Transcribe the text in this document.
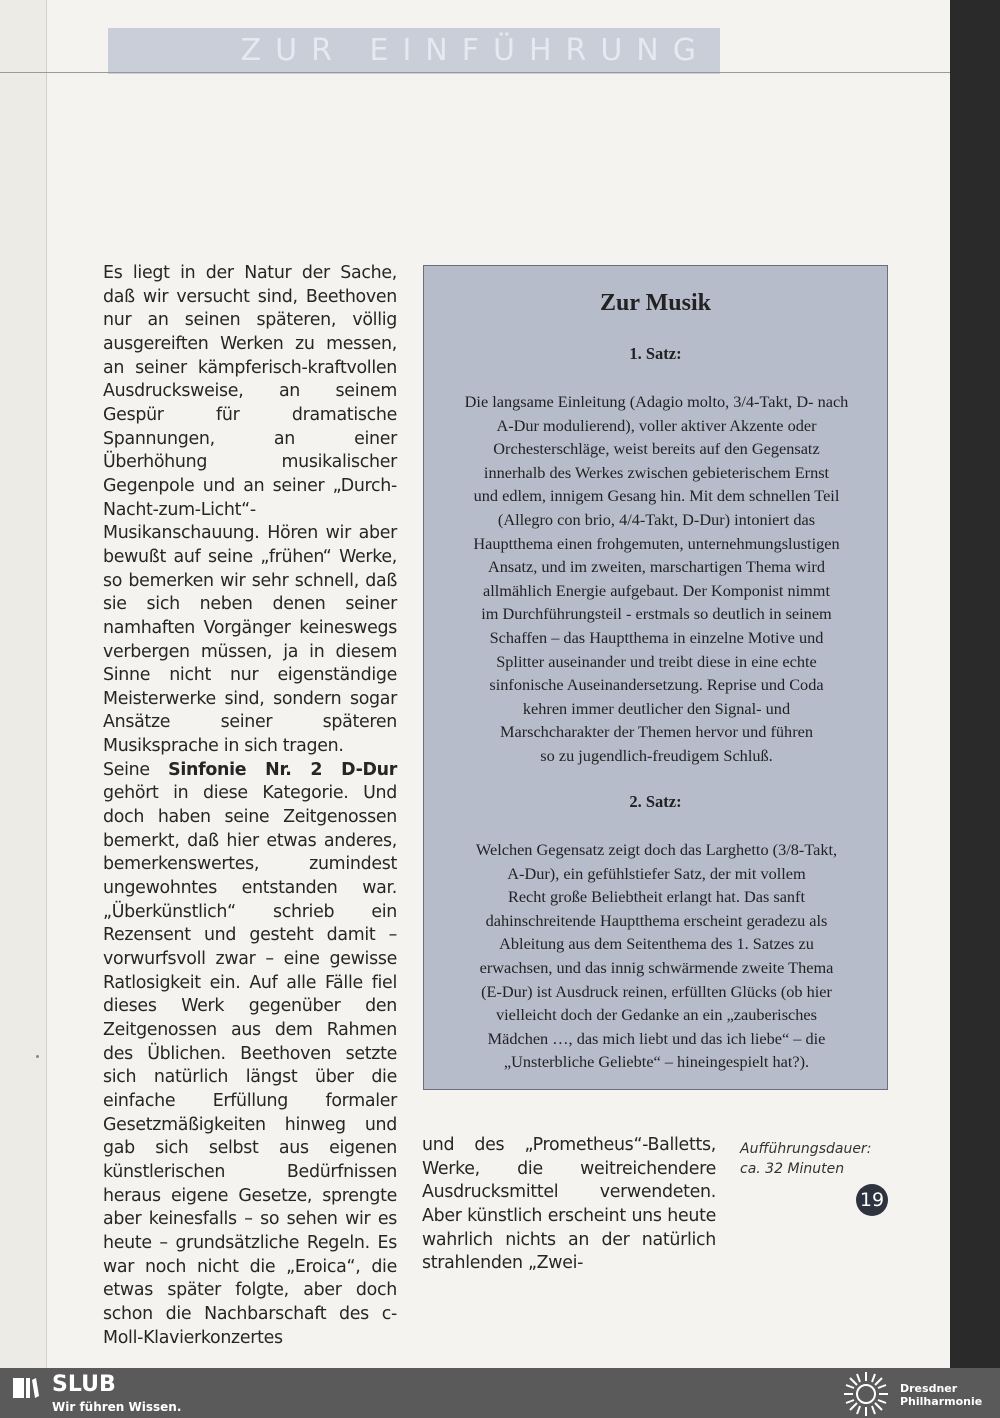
ZUR EINFÜHRUNG

Es liegt in der Natur der Sache, daß wir versucht sind, Beethoven nur an seinen späteren, völlig ausgereiften Werken zu messen, an seiner kämpferisch-kraftvollen Ausdrucksweise, an seinem Gespür für dramatische Spannungen, an einer Überhöhung musikalischer Gegenpole und an seiner „Durch-Nacht-zum-Licht“-Musikanschauung. Hören wir aber bewußt auf seine „frühen“ Werke, so bemerken wir sehr schnell, daß sie sich neben denen seiner namhaften Vorgänger keineswegs verbergen müssen, ja in diesem Sinne nicht nur eigenständige Meisterwerke sind, sondern sogar Ansätze seiner späteren Musiksprache in sich tragen.

Seine Sinfonie Nr. 2 D-Dur gehört in diese Kategorie. Und doch haben seine Zeitgenossen bemerkt, daß hier etwas anderes, bemerkenswertes, zumindest ungewohntes entstanden war. „Überkünstlich“ schrieb ein Rezensent und gesteht damit – vorwurfsvoll zwar – eine gewisse Ratlosigkeit ein. Auf alle Fälle fiel dieses Werk gegenüber den Zeitgenossen aus dem Rahmen des Üblichen. Beethoven setzte sich natürlich längst über die einfache Erfüllung formaler Gesetzmäßigkeiten hinweg und gab sich selbst aus eigenen künstlerischen Bedürfnissen heraus eigene Gesetze, sprengte aber keinesfalls – so sehen wir es heute – grundsätzliche Regeln. Es war noch nicht die „Eroica“, die etwas später folgte, aber doch schon die Nachbarschaft des c-Moll-Klavierkonzertes

Zur Musik
1. Satz:
Die langsame Einleitung (Adagio molto, 3/4-Takt, D- nach
A-Dur modulierend), voller aktiver Akzente oder
Orchesterschläge, weist bereits auf den Gegensatz
innerhalb des Werkes zwischen gebieterischem Ernst
und edlem, innigem Gesang hin. Mit dem schnellen Teil
(Allegro con brio, 4/4-Takt, D-Dur) intoniert das
Hauptthema einen frohgemuten, unternehmungslustigen
Ansatz, und im zweiten, marschartigen Thema wird
allmählich Energie aufgebaut. Der Komponist nimmt
im Durchführungsteil - erstmals so deutlich in seinem
Schaffen – das Hauptthema in einzelne Motive und
Splitter auseinander und treibt diese in eine echte
sinfonische Auseinandersetzung. Reprise und Coda
kehren immer deutlicher den Signal- und
Marschcharakter der Themen hervor und führen
so zu jugendlich-freudigem Schluß.
2. Satz:
Welchen Gegensatz zeigt doch das Larghetto (3/8-Takt,
A-Dur), ein gefühlstiefer Satz, der mit vollem
Recht große Beliebtheit erlangt hat. Das sanft
dahinschreitende Hauptthema erscheint geradezu als
Ableitung aus dem Seitenthema des 1. Satzes zu
erwachsen, und das innig schwärmende zweite Thema
(E-Dur) ist Ausdruck reinen, erfüllten Glücks (ob hier
vielleicht doch der Gedanke an ein „zauberisches
Mädchen …, das mich liebt und das ich liebe“ – die
„Unsterbliche Geliebte“ – hineingespielt hat?).
und des „Prometheus“-Balletts, Werke, die weitreichendere Ausdrucksmittel verwendeten. Aber künstlich erscheint uns heute wahrlich nichts an der natürlich strahlenden „Zwei-
Aufführungsdauer:
ca. 32 Minuten
19
SLUB
Wir führen Wissen.
Dresdner
Philharmonie
